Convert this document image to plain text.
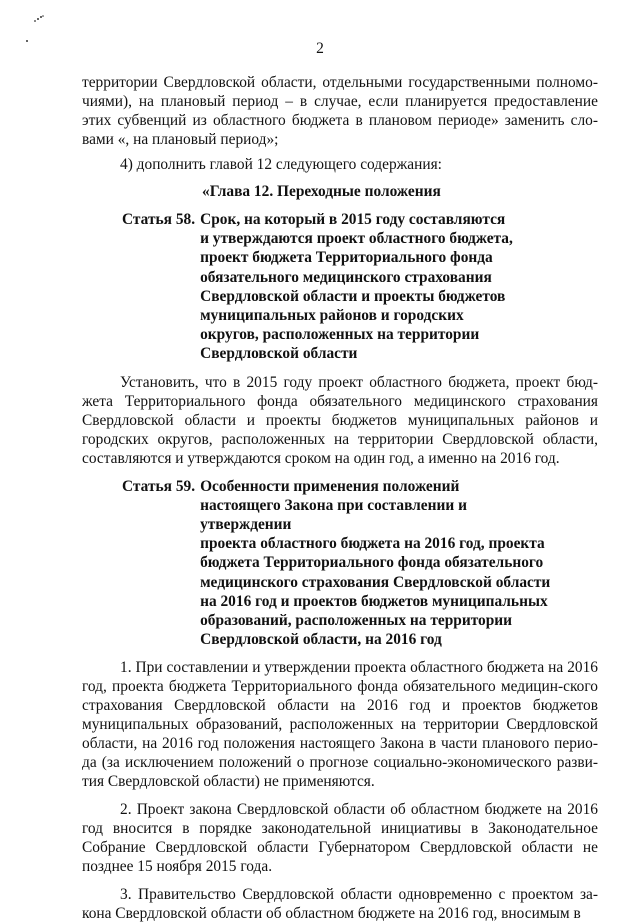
2

территории Свердловской области, отдельными государственными полномо-чиями), на плановый период – в случае, если планируется предоставление этих субвенций из областного бюджета в плановом периоде» заменить сло-вами «, на плановый период»;

4) дополнить главой 12 следующего содержания:

«Глава 12. Переходные положения
Статья 58. Срок, на который в 2015 году составляются
и утверждаются проект областного бюджета,
проект бюджета Территориального фонда
обязательного медицинского страхования
Свердловской области и проекты бюджетов
муниципальных районов и городских
округов, расположенных на территории
Свердловской области

Установить, что в 2015 году проект областного бюджета, проект бюд-жета Территориального фонда обязательного медицинского страхования Свердловской области и проекты бюджетов муниципальных районов и городских округов, расположенных на территории Свердловской области, составляются и утверждаются сроком на один год, а именно на 2016 год.

Статья 59. Особенности применения положений
настоящего Закона при составлении и утверждении
проекта областного бюджета на 2016 год, проекта
бюджета Территориального фонда обязательного
медицинского страхования Свердловской области
на 2016 год и проектов бюджетов муниципальных
образований, расположенных на территории
Свердловской области, на 2016 год

1. При составлении и утверждении проекта областного бюджета на 2016 год, проекта бюджета Территориального фонда обязательного медицин-ского страхования Свердловской области на 2016 год и проектов бюджетов муниципальных образований, расположенных на территории Свердловской области, на 2016 год положения настоящего Закона в части планового перио-да (за исключением положений о прогнозе социально-экономического разви-тия Свердловской области) не применяются.

2. Проект закона Свердловской области об областном бюджете на 2016 год вносится в порядке законодательной инициативы в Законодательное Собрание Свердловской области Губернатором Свердловской области не позднее 15 ноября 2015 года.

3. Правительство Свердловской области одновременно с проектом за-кона Свердловской области об областном бюджете на 2016 год, вносимым в
